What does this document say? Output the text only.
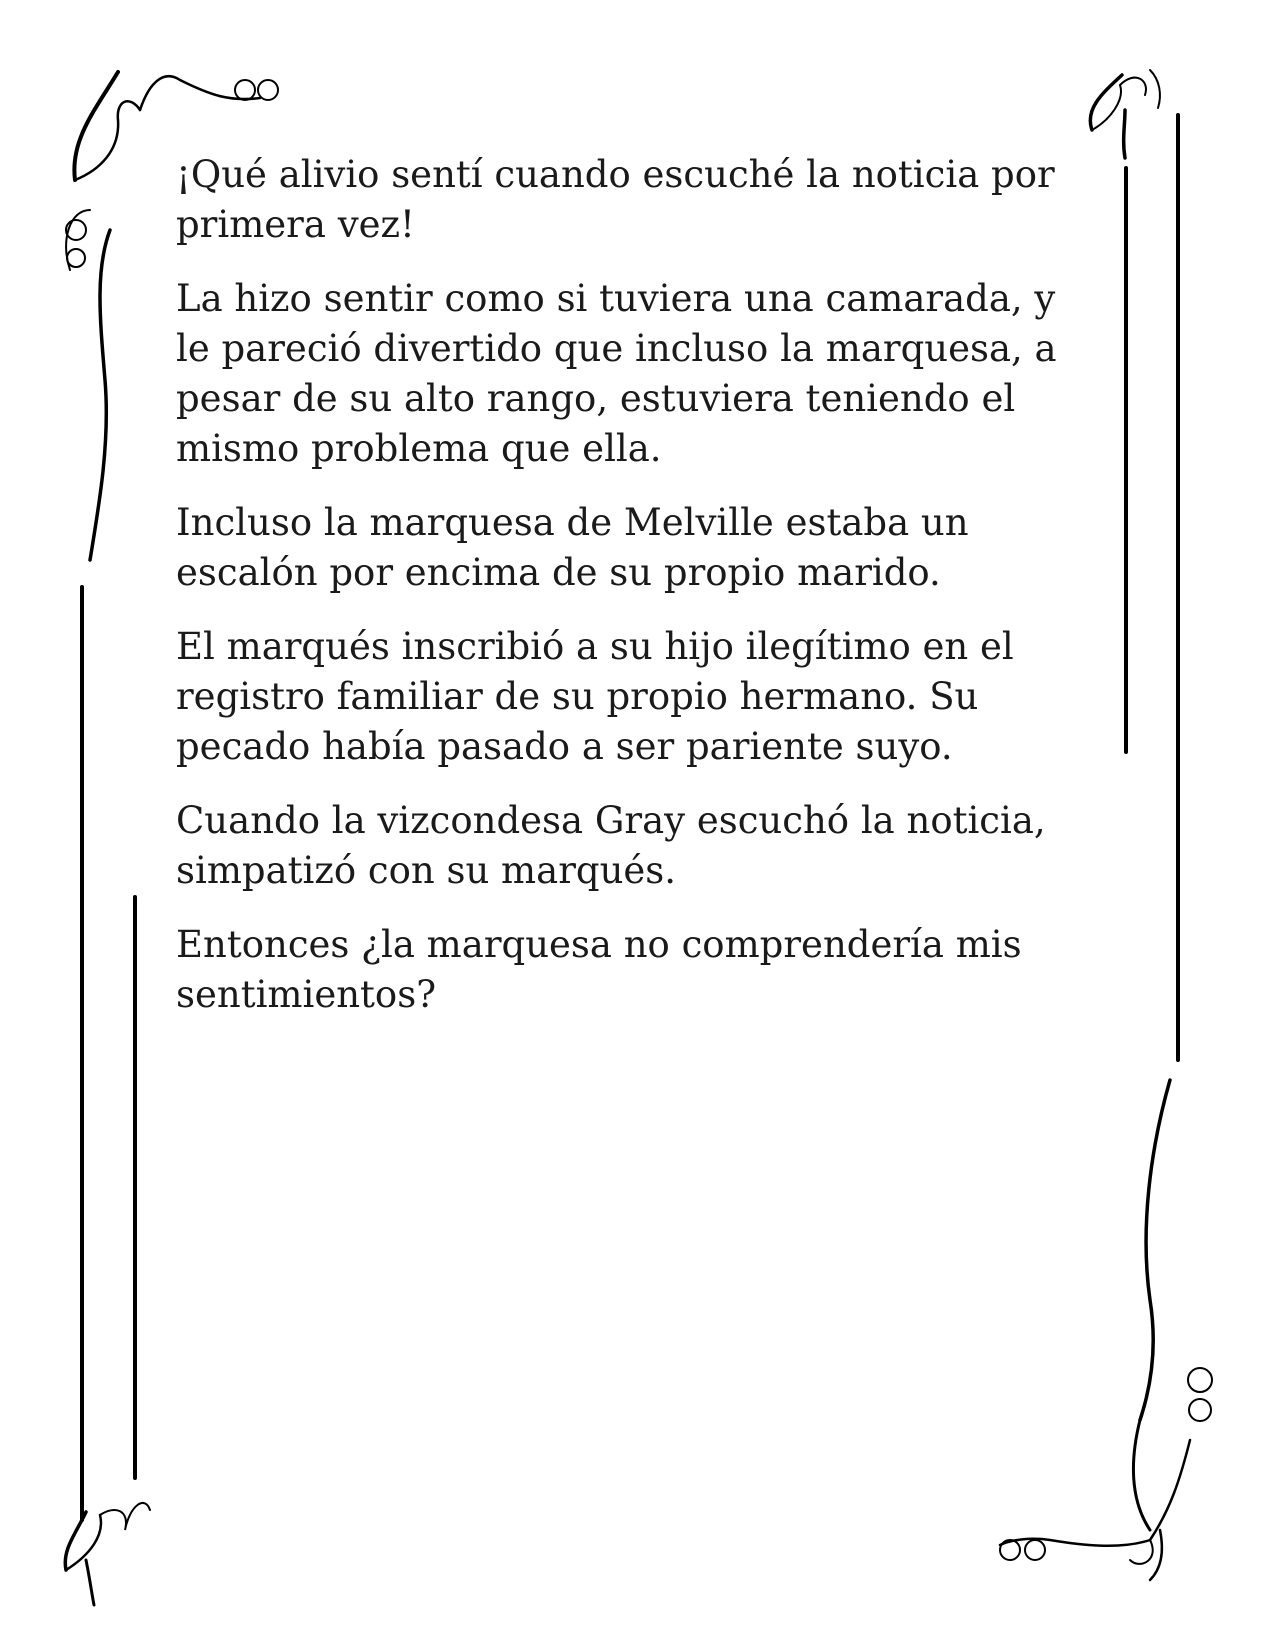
¡Qué alivio sentí cuando escuché la noticia por primera vez!

La hizo sentir como si tuviera una camarada, y le pareció divertido que incluso la marquesa, a pesar de su alto rango, estuviera teniendo el mismo problema que ella.

Incluso la marquesa de Melville estaba un escalón por encima de su propio marido.

El marqués inscribió a su hijo ilegítimo en el registro familiar de su propio hermano. Su pecado había pasado a ser pariente suyo.

Cuando la vizcondesa Gray escuchó la noticia, simpatizó con su marqués.

Entonces ¿la marquesa no comprendería mis sentimientos?
